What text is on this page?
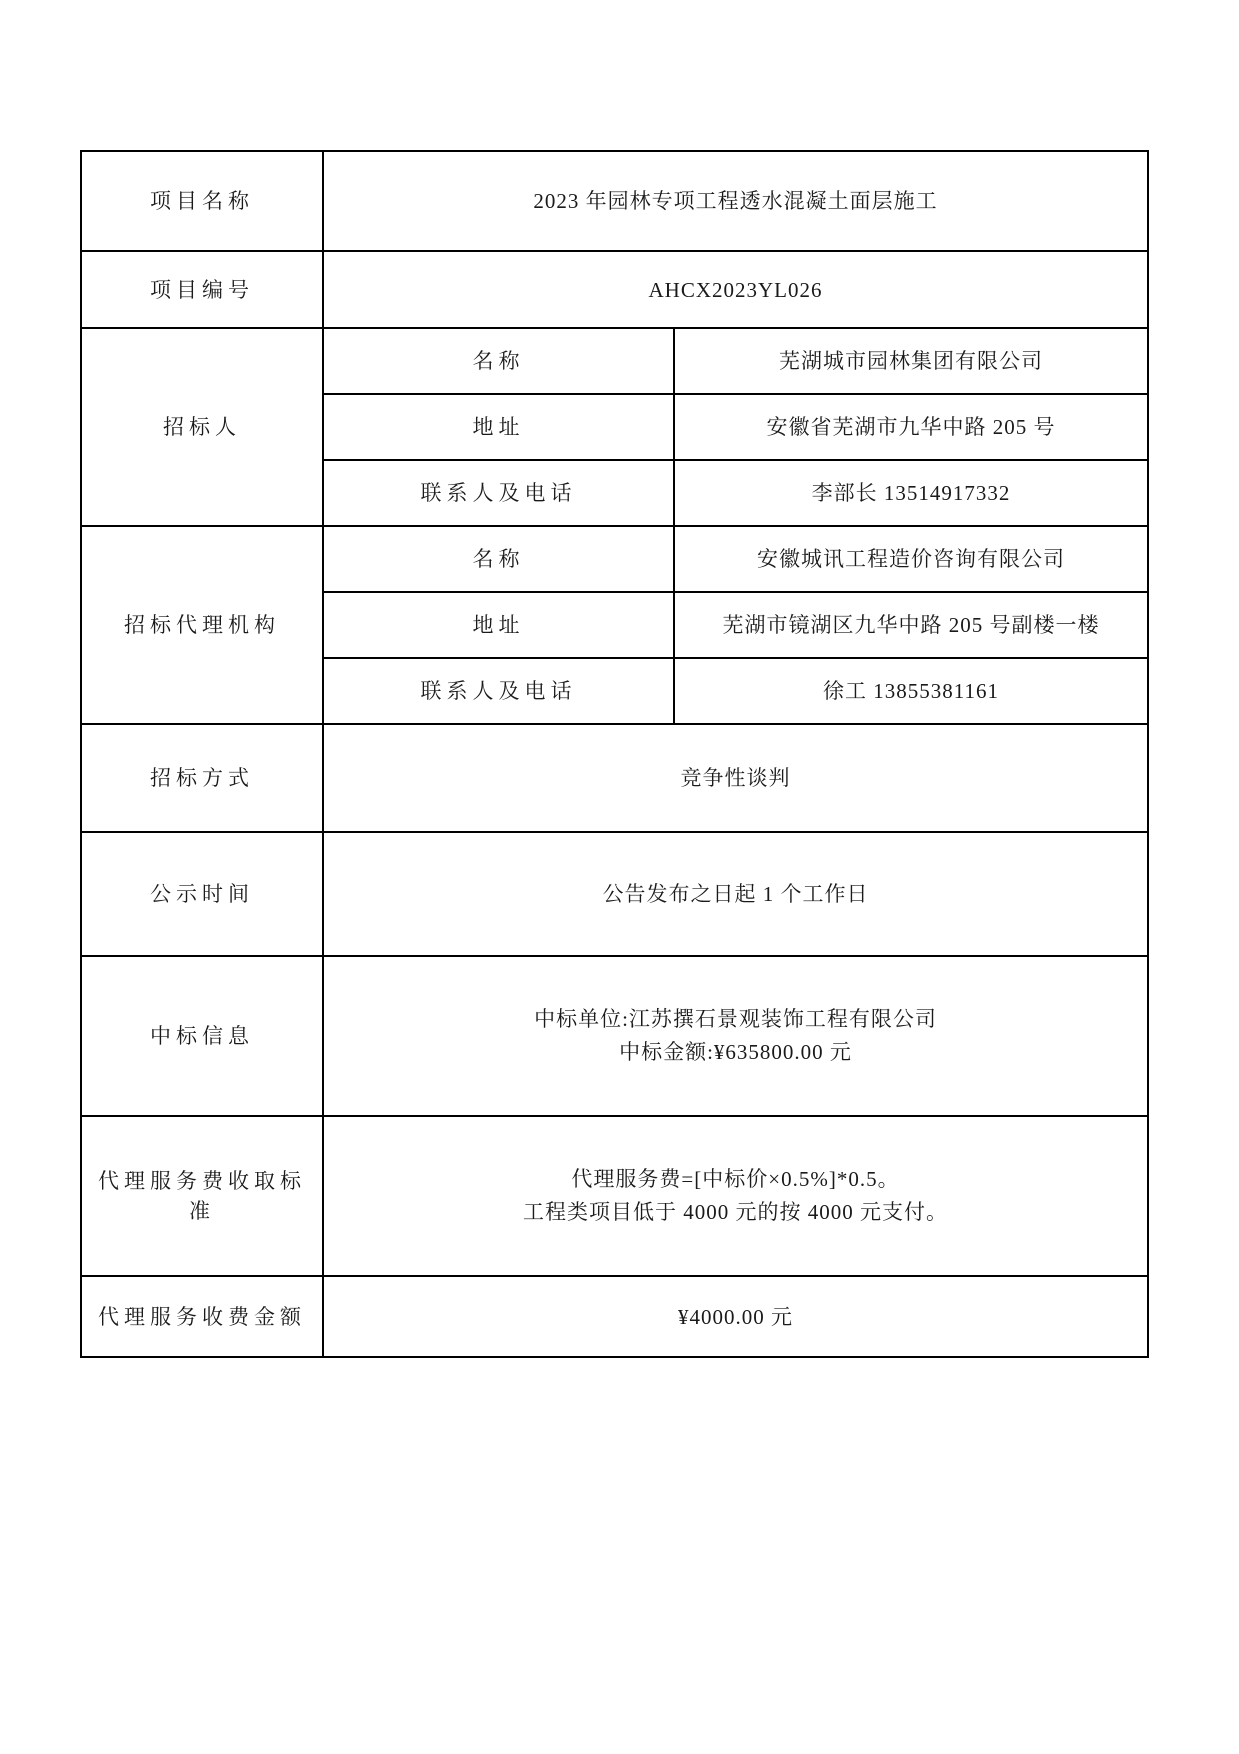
项目名称	2023 年园林专项工程透水混凝土面层施工	
项目编号	AHCX2023YL026	
招标人	名称	芜湖城市园林集团有限公司
	地址	安徽省芜湖市九华中路 205 号
	联系人及电话	李部长 13514917332
招标代理机构	名称	安徽城讯工程造价咨询有限公司
	地址	芜湖市镜湖区九华中路 205 号副楼一楼
	联系人及电话	徐工 13855381161
招标方式	竞争性谈判	
公示时间	公告发布之日起 1 个工作日	
中标信息	中标单位:江苏撰石景观装饰工程有限公司
中标金额:¥635800.00 元	

代理服务费收取标准	代理服务费=[中标价×0.5%]*0.5。
工程类项目低于 4000 元的按 4000 元支付。	

代理服务收费金额	¥4000.00 元	
